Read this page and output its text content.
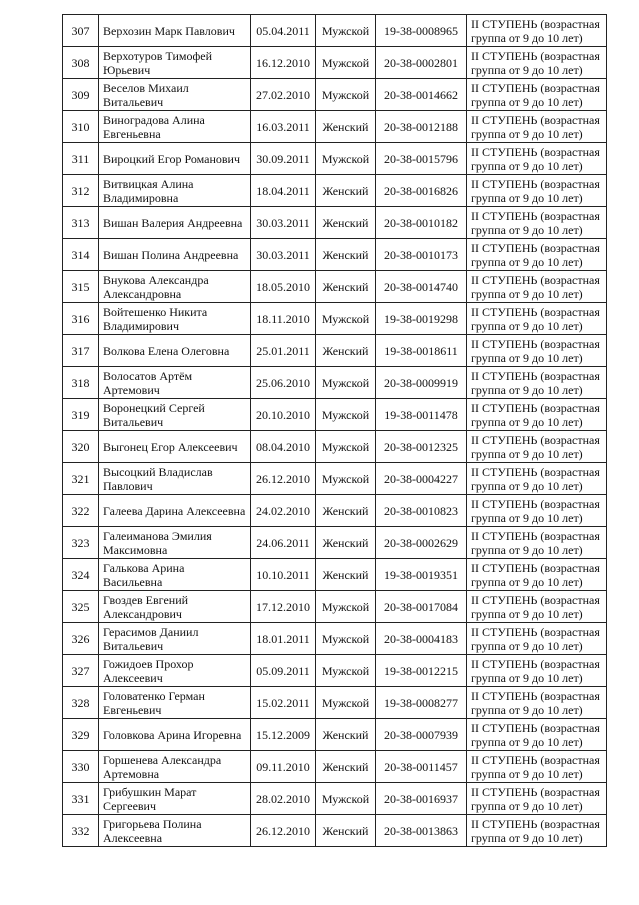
307	Верхозин Марк Павлович	05.04.2011	Мужской	19-38-0008965	II СТУПЕНЬ (возрастная группа от 9 до 10 лет)
308	Верхотуров Тимофей Юрьевич	16.12.2010	Мужской	20-38-0002801	II СТУПЕНЬ (возрастная группа от 9 до 10 лет)
309	Веселов Михаил Витальевич	27.02.2010	Мужской	20-38-0014662	II СТУПЕНЬ (возрастная группа от 9 до 10 лет)
310	Виноградова Алина Евгеньевна	16.03.2011	Женский	20-38-0012188	II СТУПЕНЬ (возрастная группа от 9 до 10 лет)
311	Вироцкий Егор Романович	30.09.2011	Мужской	20-38-0015796	II СТУПЕНЬ (возрастная группа от 9 до 10 лет)
312	Витвицкая Алина Владимировна	18.04.2011	Женский	20-38-0016826	II СТУПЕНЬ (возрастная группа от 9 до 10 лет)
313	Вишан Валерия Андреевна	30.03.2011	Женский	20-38-0010182	II СТУПЕНЬ (возрастная группа от 9 до 10 лет)
314	Вишан Полина Андреевна	30.03.2011	Женский	20-38-0010173	II СТУПЕНЬ (возрастная группа от 9 до 10 лет)
315	Внукова Александра Александровна	18.05.2010	Женский	20-38-0014740	II СТУПЕНЬ (возрастная группа от 9 до 10 лет)
316	Войтешенко Никита Владимирович	18.11.2010	Мужской	19-38-0019298	II СТУПЕНЬ (возрастная группа от 9 до 10 лет)
317	Волкова Елена Олеговна	25.01.2011	Женский	19-38-0018611	II СТУПЕНЬ (возрастная группа от 9 до 10 лет)
318	Волосатов Артём Артемович	25.06.2010	Мужской	20-38-0009919	II СТУПЕНЬ (возрастная группа от 9 до 10 лет)
319	Воронецкий Сергей Витальевич	20.10.2010	Мужской	19-38-0011478	II СТУПЕНЬ (возрастная группа от 9 до 10 лет)
320	Выгонец Егор Алексеевич	08.04.2010	Мужской	20-38-0012325	II СТУПЕНЬ (возрастная группа от 9 до 10 лет)
321	Высоцкий Владислав Павлович	26.12.2010	Мужской	20-38-0004227	II СТУПЕНЬ (возрастная группа от 9 до 10 лет)
322	Галеева Дарина Алексеевна	24.02.2010	Женский	20-38-0010823	II СТУПЕНЬ (возрастная группа от 9 до 10 лет)
323	Галеиманова Эмилия Максимовна	24.06.2011	Женский	20-38-0002629	II СТУПЕНЬ (возрастная группа от 9 до 10 лет)
324	Галькова Арина Васильевна	10.10.2011	Женский	19-38-0019351	II СТУПЕНЬ (возрастная группа от 9 до 10 лет)
325	Гвоздев Евгений Александрович	17.12.2010	Мужской	20-38-0017084	II СТУПЕНЬ (возрастная группа от 9 до 10 лет)
326	Герасимов Даниил Витальевич	18.01.2011	Мужской	20-38-0004183	II СТУПЕНЬ (возрастная группа от 9 до 10 лет)
327	Гожидоев Прохор Алексеевич	05.09.2011	Мужской	19-38-0012215	II СТУПЕНЬ (возрастная группа от 9 до 10 лет)
328	Головатенко Герман Евгеньевич	15.02.2011	Мужской	19-38-0008277	II СТУПЕНЬ (возрастная группа от 9 до 10 лет)
329	Головкова Арина Игоревна	15.12.2009	Женский	20-38-0007939	II СТУПЕНЬ (возрастная группа от 9 до 10 лет)
330	Горшенева Александра Артемовна	09.11.2010	Женский	20-38-0011457	II СТУПЕНЬ (возрастная группа от 9 до 10 лет)
331	Грибушкин Марат Сергеевич	28.02.2010	Мужской	20-38-0016937	II СТУПЕНЬ (возрастная группа от 9 до 10 лет)
332	Григорьева Полина Алексеевна	26.12.2010	Женский	20-38-0013863	II СТУПЕНЬ (возрастная группа от 9 до 10 лет)
